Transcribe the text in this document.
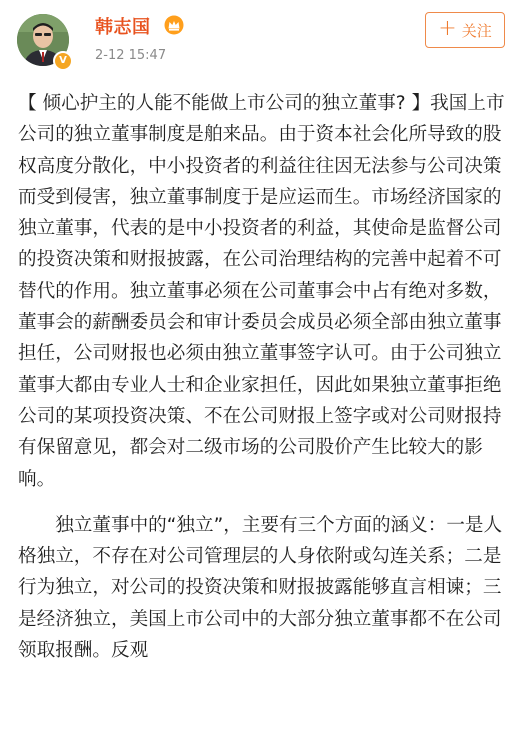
V
韩志国
2-12 15:47
+ 关注

【 倾心护主的人能不能做上市公司的独立董事? 】我国上市公司的独立董事制度是舶来品。由于资本社会化所导致的股权高度分散化，中小投资者的利益往往因无法参与公司决策而受到侵害，独立董事制度于是应运而生。市场经济国家的独立董事，代表的是中小投资者的利益，其使命是监督公司的投资决策和财报披露，在公司治理结构的完善中起着不可替代的作用。独立董事必须在公司董事会中占有绝对多数，董事会的薪酬委员会和审计委员会成员必须全部由独立董事担任，公司财报也必须由独立董事签字认可。由于公司独立董事大都由专业人士和企业家担任，因此如果独立董事拒绝公司的某项投资决策、不在公司财报上签字或对公司财报持有保留意见，都会对二级市场的公司股价产生比较大的影响。

独立董事中的“独立”，主要有三个方面的涵义：一是人格独立，不存在对公司管理层的人身依附或勾连关系；二是行为独立，对公司的投资决策和财报披露能够直言相谏；三是经济独立，美国上市公司中的大部分独立董事都不在公司领取报酬。反观
